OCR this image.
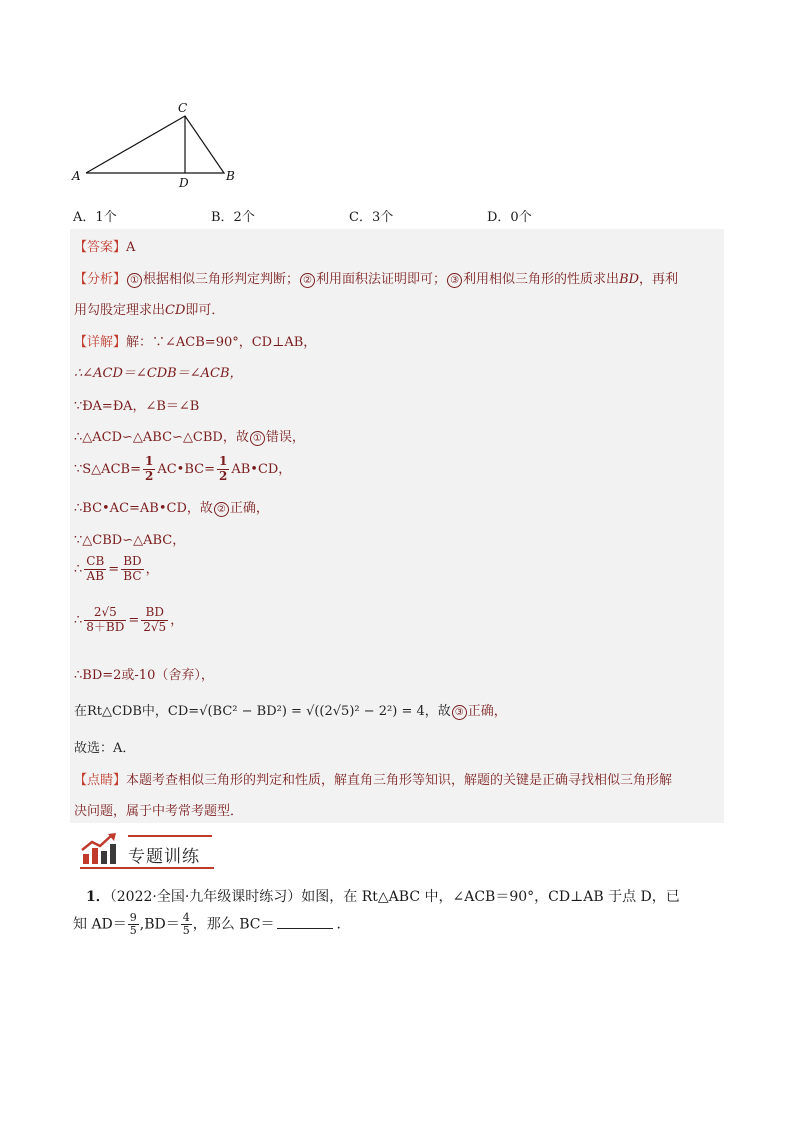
A
C
B
D
A．1个	B．2个	C．3个	D．0个
【答案】A
【分析】 ① 根据相似三角形判定判断； ② 利用面积法证明即可； ③ 利用相似三角形的性质求出BD，再利
用勾股定理求出CD即可．
【详解】解：∵∠ACB=90°，CD⊥AB，
∴∠ACD＝∠CDB＝∠ACB，
∵ÐA=ÐA，∠B＝∠B
∴△ACD∽△ABC∽△CBD，故 ① 错误，
∵S△ACB= $\frac{1}{2}$ AC•BC= $\frac{1}{2}$ AB•CD，
∴BC•AC=AB•CD，故 ② 正确，
∵△CBD∽△ABC，
∴ $\frac{CB}{AB} = \frac{BD}{BC}$ ，
∴ $\frac{2√5}{8+BD} = \frac{BD}{2√5}$ ，
∴BD=2或-10（舍弃），
在Rt△CDB中，CD=√(BC² − BD²) = √((2√5)² − 2²) = 4，故 ③ 正确，
故选：A．
【点睛】本题考查相似三角形的判定和性质，解直角三角形等知识，解题的关键是正确寻找相似三角形解
决问题，属于中考常考题型．
专题训练
1．（2022·全国·九年级课时练习）如图，在 Rt△ABC 中，∠ACB＝90°，CD⊥AB 于点 D，已
知 $AD= \frac{9}{5} ,BD= \frac{4}{5}$ ，那么 BC＝	．
